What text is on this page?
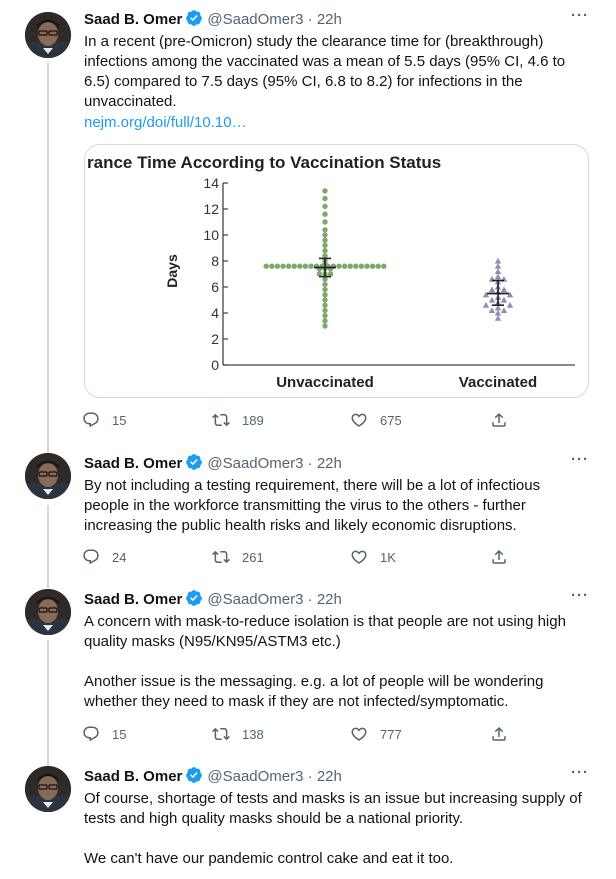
Saad B. Omer @SaadOmer3 · 22h	···

In a recent (pre-Omicron) study the clearance time for (breakthrough) infections among the vaccinated was a mean of 5.5 days (95% CI, 4.6 to 6.5) compared to 7.5 days (95% CI, 6.8 to 8.2) for infections in the unvaccinated.

nejm.org/doi/full/10.10…
rance Time According to Vaccination Status
Days
0
2
4
6
8
10
12
14
Unvaccinated	Vaccinated
15	189	675
Saad B. Omer @SaadOmer3 · 22h	···

By not including a testing requirement, there will be a lot of infectious people in the workforce transmitting the virus to the others - further increasing the public health risks and likely economic disruptions.

24	261	1K
Saad B. Omer @SaadOmer3 · 22h	···

A concern with mask-to-reduce isolation is that people are not using high quality masks (N95/KN95/ASTM3 etc.)

Another issue is the messaging. e.g. a lot of people will be wondering whether they need to mask if they are not infected/symptomatic.

15	138	777
Saad B. Omer @SaadOmer3 · 22h	···

Of course, shortage of tests and masks is an issue but increasing supply of tests and high quality masks should be a national priority.

We can't have our pandemic control cake and eat it too.
